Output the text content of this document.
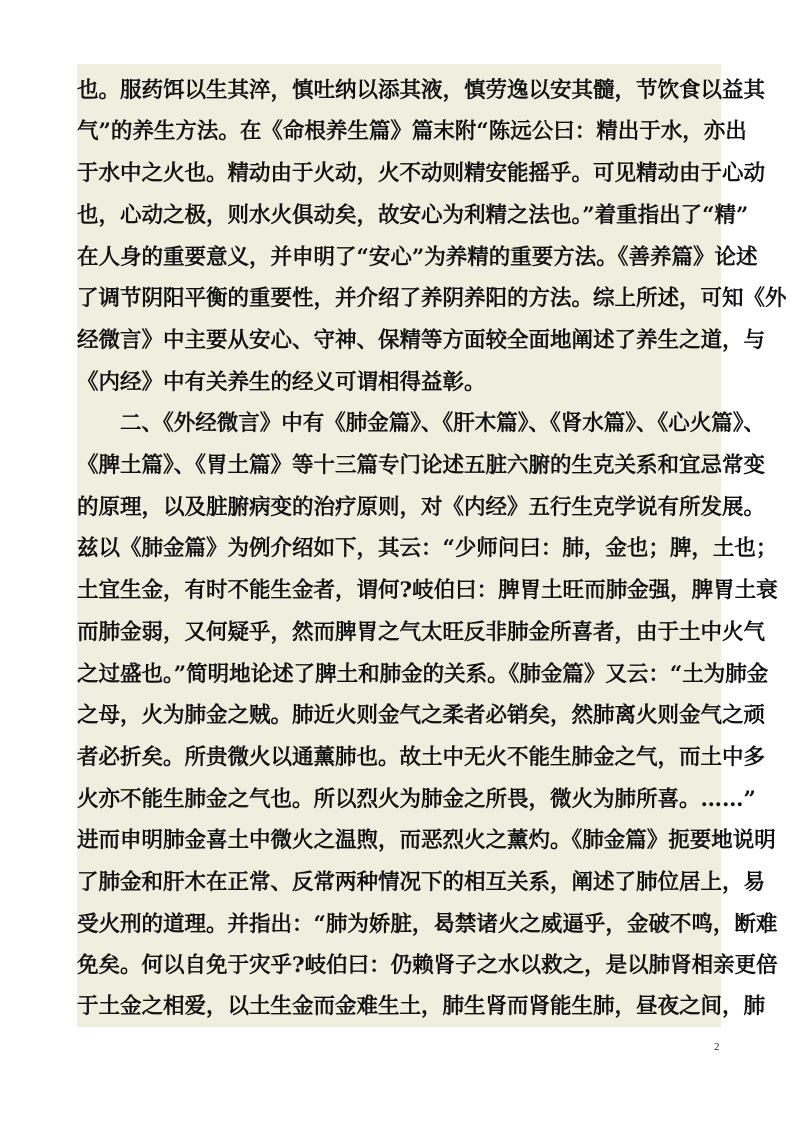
也。服药饵以生其淬，慎吐纳以添其液，慎劳逸以安其髓，节饮食以益其
气”的养生方法。在《命根养生篇》篇末附“陈远公曰：精出于水，亦出
于水中之火也。精动由于火动，火不动则精安能摇乎。可见精动由于心动
也，心动之极，则水火俱动矣，故安心为利精之法也。”着重指出了“精”
在人身的重要意义，并申明了“安心”为养精的重要方法。《善养篇》论述
了调节阴阳平衡的重要性，并介绍了养阴养阳的方法。综上所述，可知《外
经微言》中主要从安心、守神、保精等方面较全面地阐述了养生之道，与
《内经》中有关养生的经义可谓相得益彰。
　　二、《外经微言》中有《肺金篇》、《肝木篇》、《肾水篇》、《心火篇》、
《脾土篇》、《胃土篇》等十三篇专门论述五脏六腑的生克关系和宜忌常变
的原理，以及脏腑病变的治疗原则，对《内经》五行生克学说有所发展。
兹以《肺金篇》为例介绍如下，其云：“少师问曰：肺，金也；脾，土也；
土宜生金，有时不能生金者，谓何?岐伯曰：脾胃土旺而肺金强，脾胃土衰
而肺金弱，又何疑乎，然而脾胃之气太旺反非肺金所喜者，由于土中火气
之过盛也。”简明地论述了脾土和肺金的关系。《肺金篇》又云：“土为肺金
之母，火为肺金之贼。肺近火则金气之柔者必销矣，然肺离火则金气之顽
者必折矣。所贵微火以通薰肺也。故土中无火不能生肺金之气，而土中多
火亦不能生肺金之气也。所以烈火为肺金之所畏，微火为肺所喜。……”
进而申明肺金喜土中微火之温煦，而恶烈火之薰灼。《肺金篇》扼要地说明
了肺金和肝木在正常、反常两种情况下的相互关系，阐述了肺位居上，易
受火刑的道理。并指出：“肺为娇脏，曷禁诸火之威逼乎，金破不鸣，断难
免矣。何以自免于灾乎?岐伯曰：仍赖肾子之水以救之，是以肺肾相亲更倍
于土金之相爱，以土生金而金难生土，肺生肾而肾能生肺，昼夜之间，肺
2
